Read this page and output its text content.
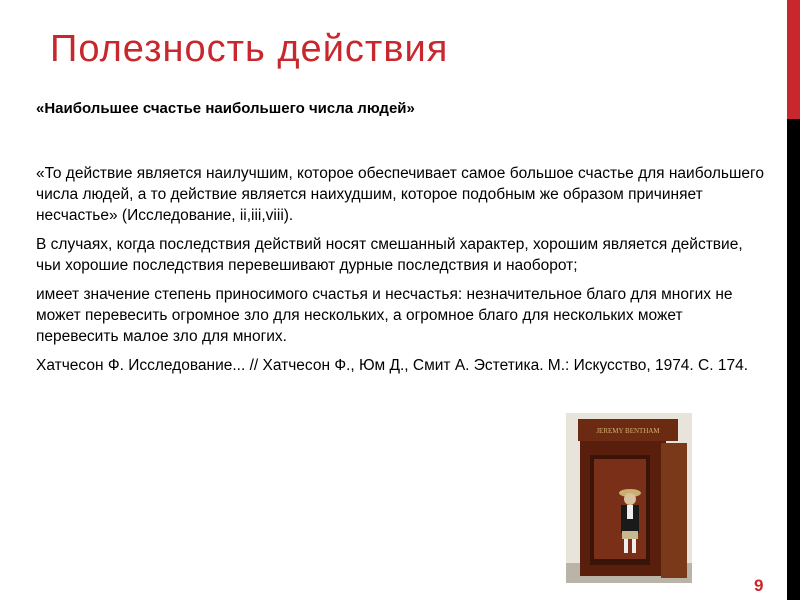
Полезность действия
«Наибольшее счастье наибольшего числа людей»

«То действие является наилучшим, которое обеспечивает самое большое счастье для наибольшего числа людей, а то действие является наихудшим, которое подобным же образом причиняет несчастье» (Исследование, ii,iii,viii).

В случаях, когда последствия действий носят смешанный характер, хорошим является действие, чьи хорошие последствия перевешивают дурные последствия и наоборот;

имеет значение степень приносимого счастья и несчастья: незначительное благо для многих не может перевесить огромное зло для нескольких, а огромное благо для нескольких может перевесить малое зло для многих.

Хатчесон Ф. Исследование... // Хатчесон Ф., Юм Д., Смит А. Эстетика. М.: Искусство, 1974. С. 174.

JEREMY BENTHAM
9
